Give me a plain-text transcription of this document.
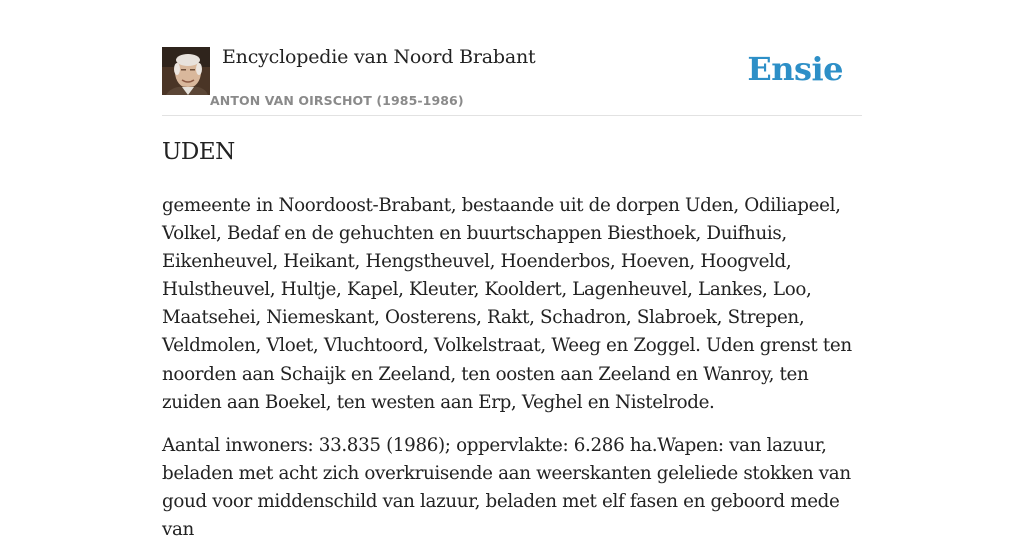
Encyclopedie van Noord Brabant
ANTON VAN OIRSCHOT (1985-1986)
Ensie
UDEN

gemeente in Noordoost-Brabant, bestaande uit de dorpen Uden, Odiliapeel, Volkel, Bedaf en de gehuchten en buurtschappen Biesthoek, Duifhuis, Eikenheuvel, Heikant, Hengstheuvel, Hoenderbos, Hoeven, Hoogveld, Hulstheuvel, Hultje, Kapel, Kleuter, Kooldert, Lagenheuvel, Lankes, Loo, Maatsehei, Niemeskant, Oosterens, Rakt, Schadron, Slabroek, Strepen, Veldmolen, Vloet, Vluchtoord, Volkelstraat, Weeg en Zoggel. Uden grenst ten noorden aan Schaijk en Zeeland, ten oosten aan Zeeland en Wanroy, ten zuiden aan Boekel, ten westen aan Erp, Veghel en Nistelrode.

Aantal inwoners: 33.835 (1986); oppervlakte: 6.286 ha.Wapen: van lazuur, beladen met acht zich overkruisende aan weerskanten geleliede stokken van goud voor middenschild van lazuur, beladen met elf fasen en geboord mede van
